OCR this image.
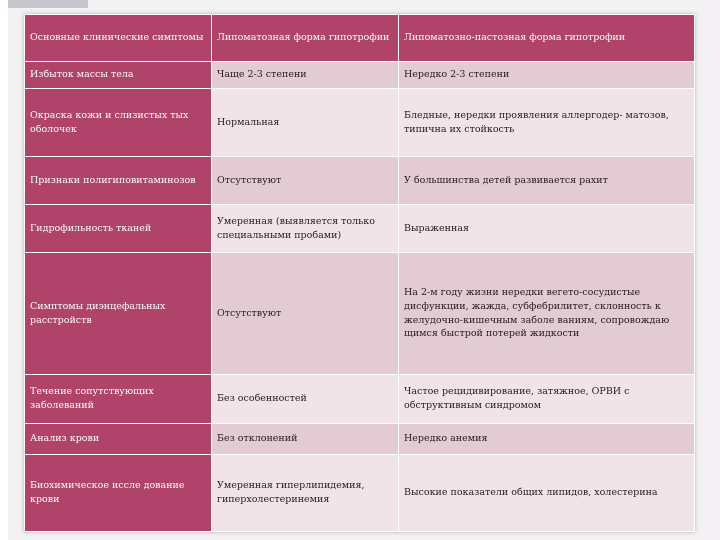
Основные клинические симптомы	Липоматозная форма гипотрофии	Липоматозно-пастозная форма гипотрофии
Избыток массы тела	Чаще 2-3 степени	Нередко 2-3 степени
Окраска кожи и слизистых тых оболочек	Нормальная	Бледные, нередки проявления аллергодер- матозов, типична их стойкость
Признаки полигиповитаминозов	Отсутствуют	У большинства детей развивается рахит
Гидрофильность тканей	Умеренная (выявляется только специальными пробами)	Выраженная
Симптомы диэнцефальных расстройств	Отсутствуют	На 2-м году жизни нередки вегето-сосудистые дисфункции, жажда, субфебрилитет, склонность к желудочно-кишечным заболе ваниям, сопровождаю щимся быстрой потерей жидкости
Течение сопутствующих заболеваний	Без особенностей	Частое рецидивирование, затяжное, ОРВИ с обструктивным синдромом
Анализ крови	Без отклонений	Нередко анемия
Биохимическое иссле дование крови	Умеренная гиперлипидемия, гиперхолестеринемия	Высокие показатели общих липидов, холестерина
